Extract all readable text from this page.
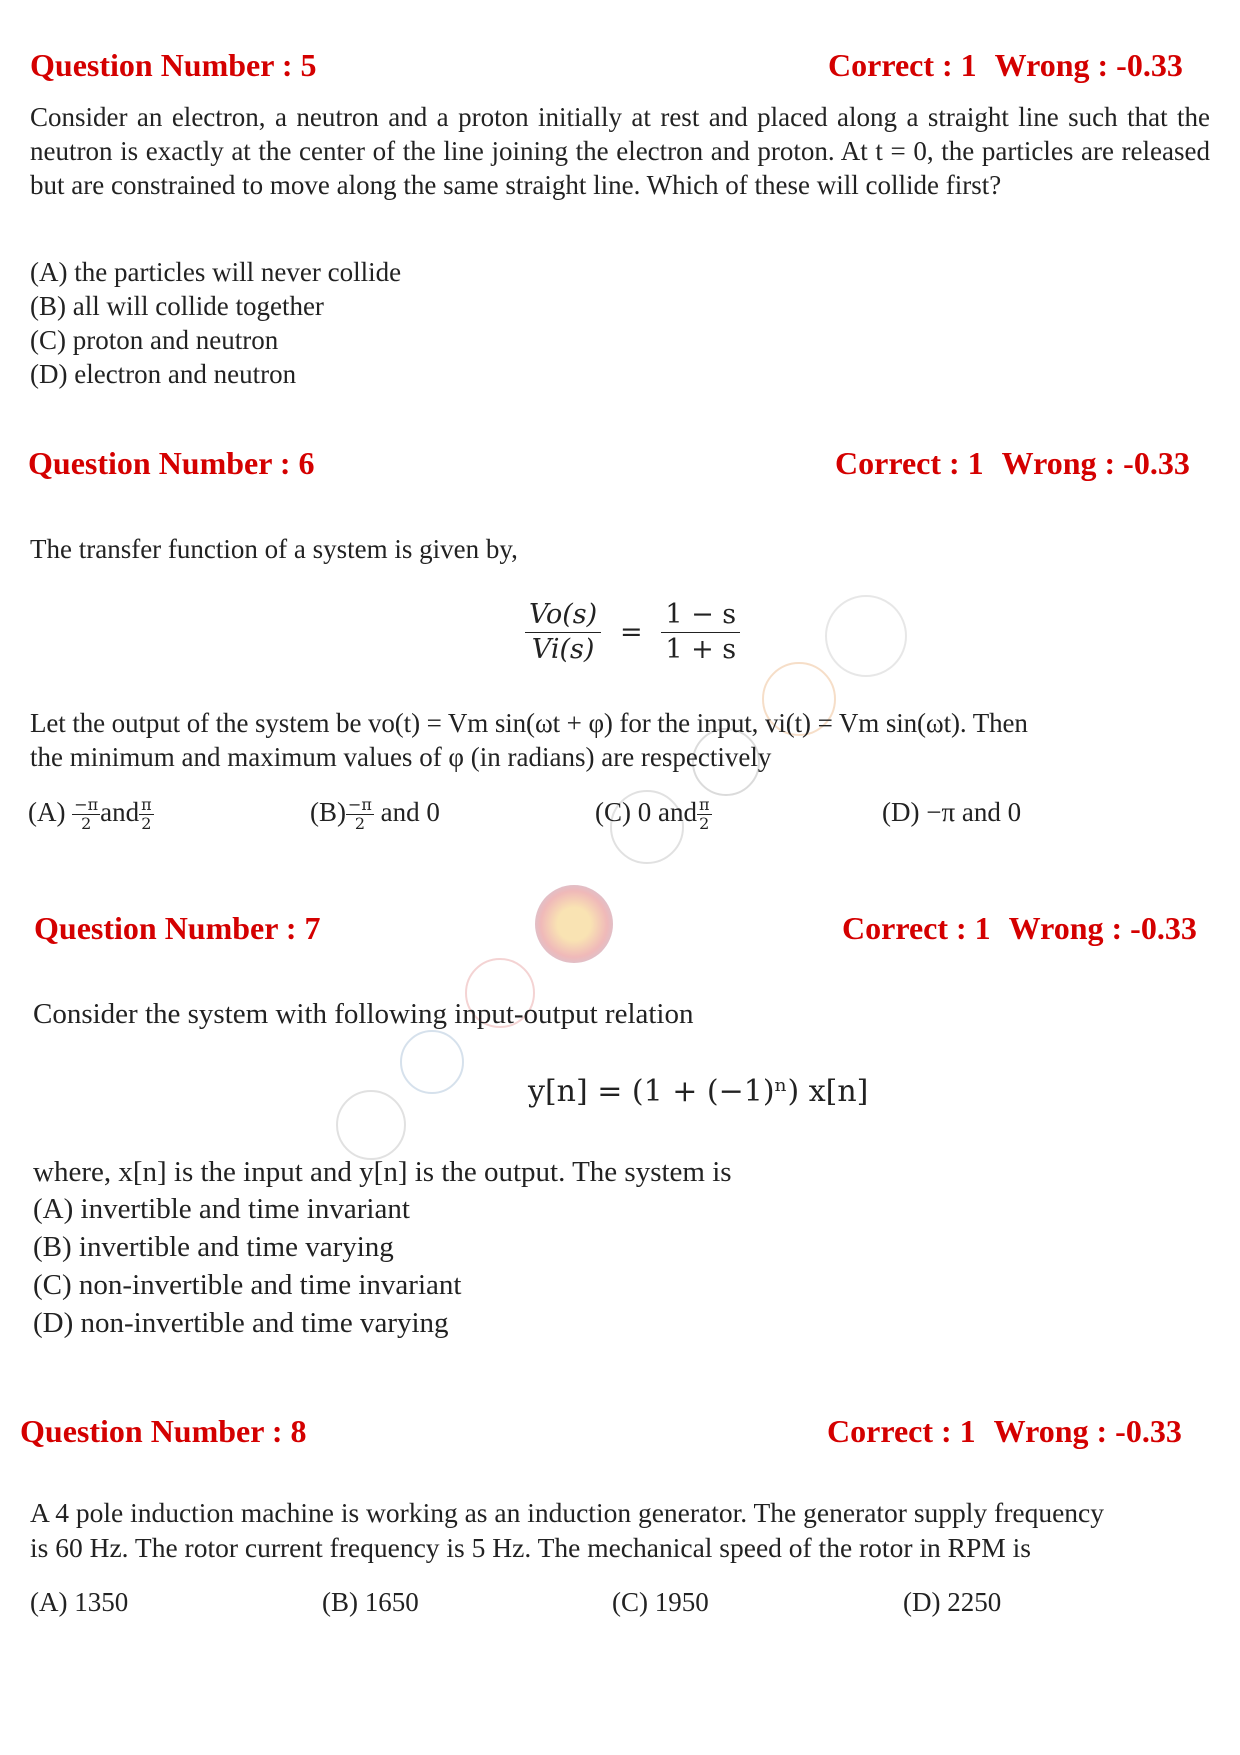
Question Number : 5	Correct : 1 Wrong : -0.33
Consider an electron, a neutron and a proton initially at rest and placed along a straight line such that the neutron is exactly at the center of the line joining the electron and proton. At t = 0, the particles are released but are constrained to move along the same straight line. Which of these will collide first?
(A) the particles will never collide
(B) all will collide together
(C) proton and neutron
(D) electron and neutron
Question Number : 6	Correct : 1 Wrong : -0.33
The transfer function of a system is given by,
$\frac{Vo(s)}{Vi(s)} = \frac{1 - s}{1 + s}$
Let the output of the system be vo(t) = Vm sin(ωt + φ) for the input, vi(t) = Vm sin(ωt). Then
the minimum and maximum values of φ (in radians) are respectively
$(A) \frac{-\pi}{2}$ and $\frac{\pi}{2}$	$(B) \frac{-\pi}{2}$ and 0	(C) 0 and $\frac{\pi}{2}$	(D) −π and 0
Question Number : 7	Correct : 1 Wrong : -0.33
Consider the system with following input-output relation
y[n] = (1 + (−1)ⁿ) x[n]
where, x[n] is the input and y[n] is the output. The system is
(A) invertible and time invariant
(B) invertible and time varying
(C) non-invertible and time invariant
(D) non-invertible and time varying
Question Number : 8	Correct : 1 Wrong : -0.33
A 4 pole induction machine is working as an induction generator. The generator supply frequency
is 60 Hz. The rotor current frequency is 5 Hz. The mechanical speed of the rotor in RPM is
(A) 1350	(B) 1650	(C) 1950	(D) 2250
